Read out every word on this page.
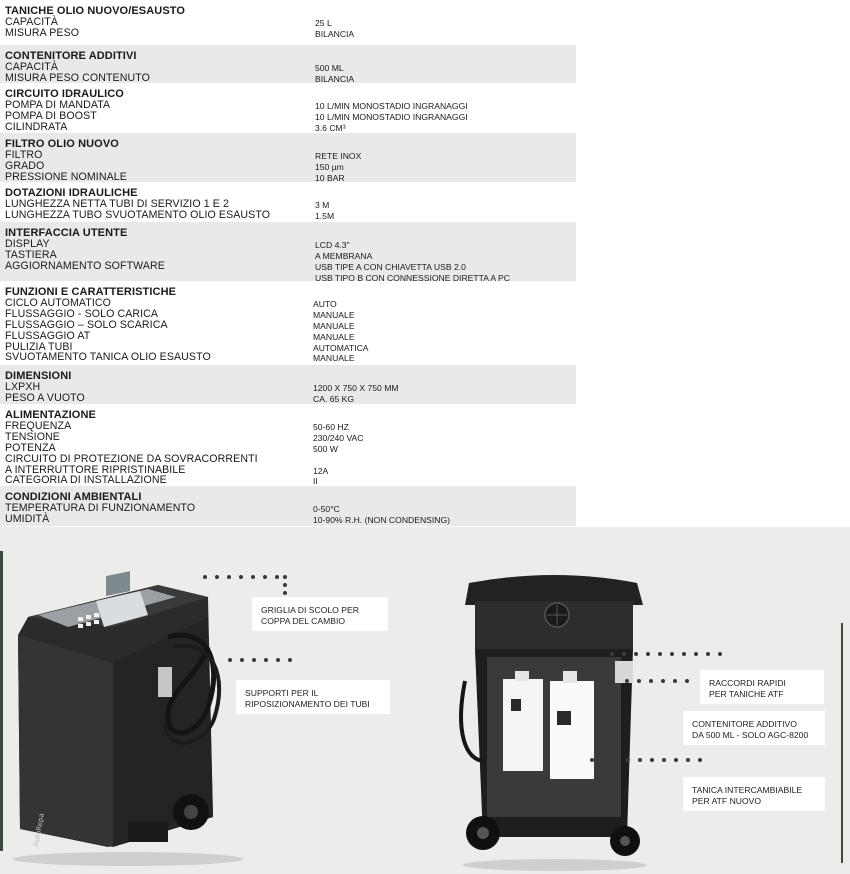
TANICHE OLIO NUOVO/ESAUSTO
CAPACITÀ	25 L
MISURA PESO	BILANCIA
CONTENITORE ADDITIVI
CAPACITÀ	500 ML
MISURA PESO CONTENUTO	BILANCIA
CIRCUITO IDRAULICO
POMPA DI MANDATA	10 L/MIN MONOSTADIO INGRANAGGI
POMPA DI BOOST	10 L/MIN MONOSTADIO INGRANAGGI
CILINDRATA	3.6 CM³
FILTRO OLIO NUOVO
FILTRO	RETE INOX
GRADO	150 µm
PRESSIONE NOMINALE	10 BAR
DOTAZIONI IDRAULICHE
LUNGHEZZA NETTA TUBI DI SERVIZIO 1 E 2	3 M
LUNGHEZZA TUBO SVUOTAMENTO OLIO ESAUSTO	1.5M
INTERFACCIA UTENTE
DISPLAY	LCD 4.3''
TASTIERA	A MEMBRANA
AGGIORNAMENTO SOFTWARE	USB TIPE A CON CHIAVETTA USB 2.0
USB TIPO B CON CONNESSIONE DIRETTA A PC
FUNZIONI E CARATTERISTICHE
CICLO AUTOMATICO	AUTO
FLUSSAGGIO - SOLO CARICA	MANUALE
FLUSSAGGIO – SOLO SCARICA	MANUALE
FLUSSAGGIO AT	MANUALE
PULIZIA TUBI	AUTOMATICA
SVUOTAMENTO TANICA OLIO ESAUSTO	MANUALE
DIMENSIONI
LXPXH	1200 X 750 X 750 MM
PESO A VUOTO	CA. 65 KG
ALIMENTAZIONE
FREQUENZA	50-60 HZ
TENSIONE	230/240 VAC
POTENZA	500 W
CIRCUITO DI PROTEZIONE DA SOVRACORRENTI
A INTERRUTTORE RIPRISTINABILE	12A
CATEGORIA DI INSTALLAZIONE	II
CONDIZIONI AMBIENTALI
TEMPERATURA DI FUNZIONAMENTO	0-50°C
UMIDITÀ	10-90% R.H. (NON CONDENSING)
AutoRepa
GRIGLIA DI SCOLO PER
COPPA DEL CAMBIO
SUPPORTI PER IL
RIPOSIZIONAMENTO DEI TUBI
RACCORDI RAPIDI
PER TANICHE ATF
CONTENITORE ADDITIVO
DA 500 ML - SOLO AGC-8200
TANICA INTERCAMBIABILE
PER ATF NUOVO
